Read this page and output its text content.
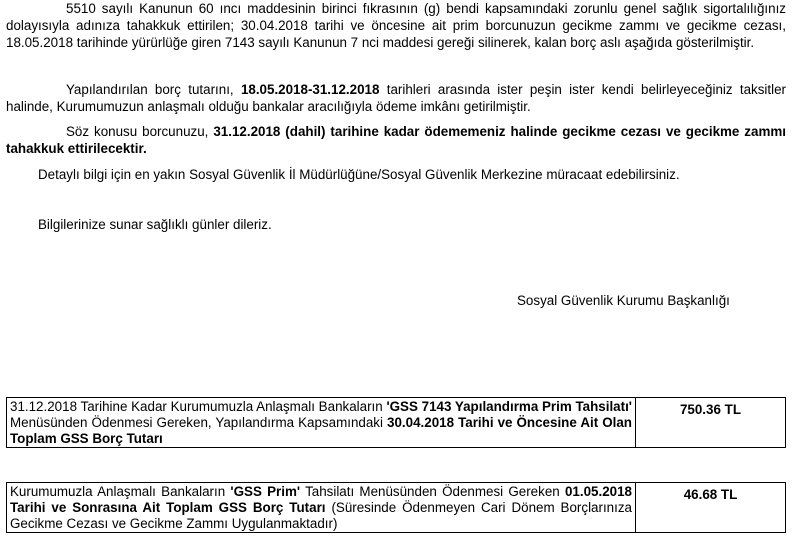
5510 sayılı Kanunun 60 ıncı maddesinin birinci fıkrasının (g) bendi kapsamındaki zorunlu genel sağlık sigortalılığınız dolayısıyla adınıza tahakkuk ettirilen; 30.04.2018 tarihi ve öncesine ait prim borcunuzun gecikme zammı ve gecikme cezası, 18.05.2018 tarihinde yürürlüğe giren 7143 sayılı Kanunun 7 nci maddesi gereği silinerek, kalan borç aslı aşağıda gösterilmiştir.

Yapılandırılan borç tutarını, 18.05.2018-31.12.2018 tarihleri arasında ister peşin ister kendi belirleyeceğiniz taksitler halinde, Kurumumuzun anlaşmalı olduğu bankalar aracılığıyla ödeme imkânı getirilmiştir.

Söz konusu borcunuzu, 31.12.2018 (dahil) tarihine kadar ödememeniz halinde gecikme cezası ve gecikme zammı tahakkuk ettirilecektir.

Detaylı bilgi için en yakın Sosyal Güvenlik İl Müdürlüğüne/Sosyal Güvenlik Merkezine müracaat edebilirsiniz.

Bilgilerinize sunar sağlıklı günler dileriz.

Sosyal Güvenlik Kurumu Başkanlığı

31.12.2018 Tarihine Kadar Kurumumuzla Anlaşmalı Bankaların 'GSS 7143 Yapılandırma Prim Tahsilatı' Menüsünden Ödenmesi Gereken, Yapılandırma Kapsamındaki 30.04.2018 Tarihi ve Öncesine Ait Olan Toplam GSS Borç Tutarı	750.36 TL
Kurumumuzla Anlaşmalı Bankaların 'GSS Prim' Tahsilatı Menüsünden Ödenmesi Gereken 01.05.2018 Tarihi ve Sonrasına Ait Toplam GSS Borç Tutarı (Süresinde Ödenmeyen Cari Dönem Borçlarınıza Gecikme Cezası ve Gecikme Zammı Uygulanmaktadır)	46.68 TL
